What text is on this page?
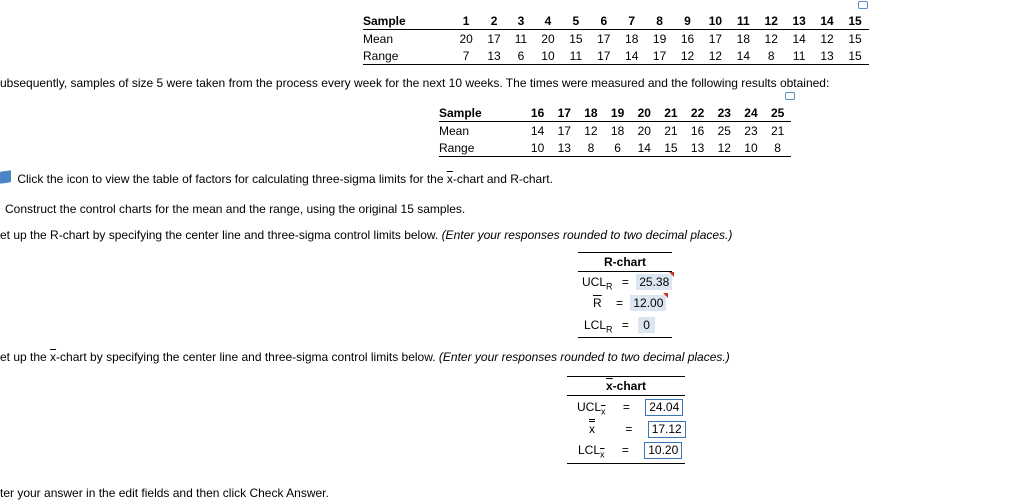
Sample	1	2	3	4	5	6	7	8	9	10	11	12	13	14	15
Mean	20	17	11	20	15	17	18	19	16	17	18	12	14	12	15
Range	7	13	6	10	11	17	14	17	12	12	14	8	11	13	15
ubsequently, samples of size 5 were taken from the process every week for the next 10 weeks. The times were measured and the following results obtained:
Sample	16	17	18	19	20	21	22	23	24	25
Mean	14	17	12	18	20	21	16	25	23	21
Range	10	13	8	6	14	15	13	12	10	8
Click the icon to view the table of factors for calculating three-sigma limits for the $\overline{x}$-chart and R-chart.
Construct the control charts for the mean and the range, using the original 15 samples.
et up the R-chart by specifying the center line and three-sigma control limits below. (Enter your responses rounded to two decimal places.)
R-chart
$UCL_R = 25.38$
$\overline{R} = 12.00$
$LCL_R = 0$
et up the $\overline{x}$-chart by specifying the center line and three-sigma control limits below. (Enter your responses rounded to two decimal places.)
$\overline{x}$-chart
$UCL_{\overline{x}} = 24.04$
x	= 17.12
$LCL_{\overline{x}} = 10.20$
ter your answer in the edit fields and then click Check Answer.
